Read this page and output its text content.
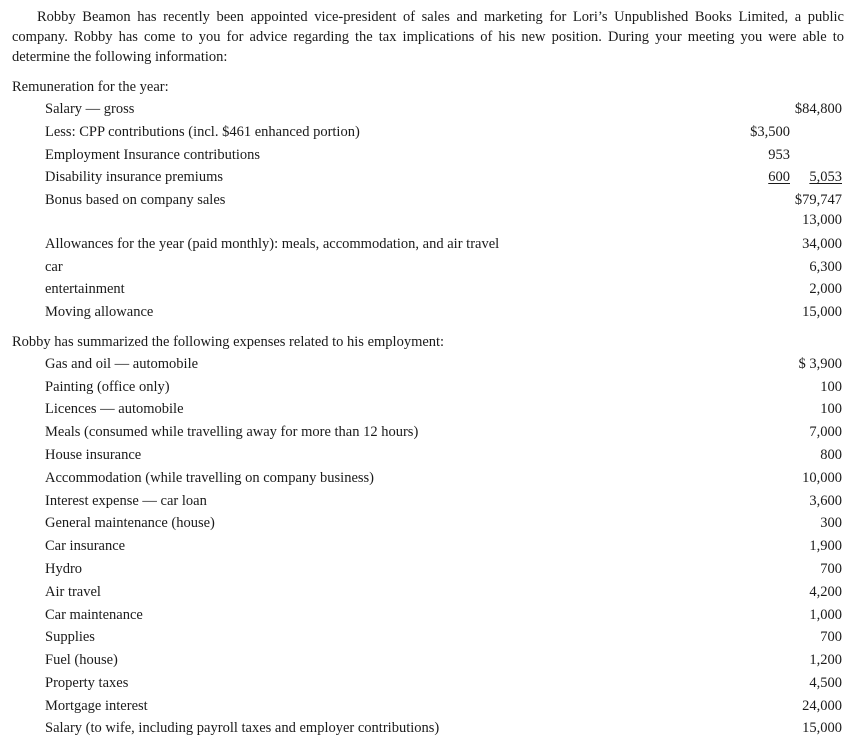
Robby Beamon has recently been appointed vice-president of sales and marketing for Lori’s Unpublished Books Limited, a public company. Robby has come to you for advice regarding the tax implications of his new position. During your meeting you were able to determine the following information:

Remuneration for the year:
Salary — gross	$84,800
Less: CPP contributions (incl. $461 enhanced portion)	$3,500
Employment Insurance contributions	953
Disability insurance premiums	600 5,053
Bonus based on company sales	$79,747
13,000
Allowances for the year (paid monthly): meals, accommodation, and air travel	34,000
car	6,300
entertainment	2,000
Moving allowance	15,000
Robby has summarized the following expenses related to his employment:
Gas and oil — automobile	$ 3,900
Painting (office only)	100
Licences — automobile	100
Meals (consumed while travelling away for more than 12 hours)	7,000
House insurance	800
Accommodation (while travelling on company business)	10,000
Interest expense — car loan	3,600
General maintenance (house)	300
Car insurance	1,900
Hydro	700
Air travel	4,200
Car maintenance	1,000
Supplies	700
Fuel (house)	1,200
Property taxes	4,500
Mortgage interest	24,000
Salary (to wife, including payroll taxes and employer contributions)	15,000
